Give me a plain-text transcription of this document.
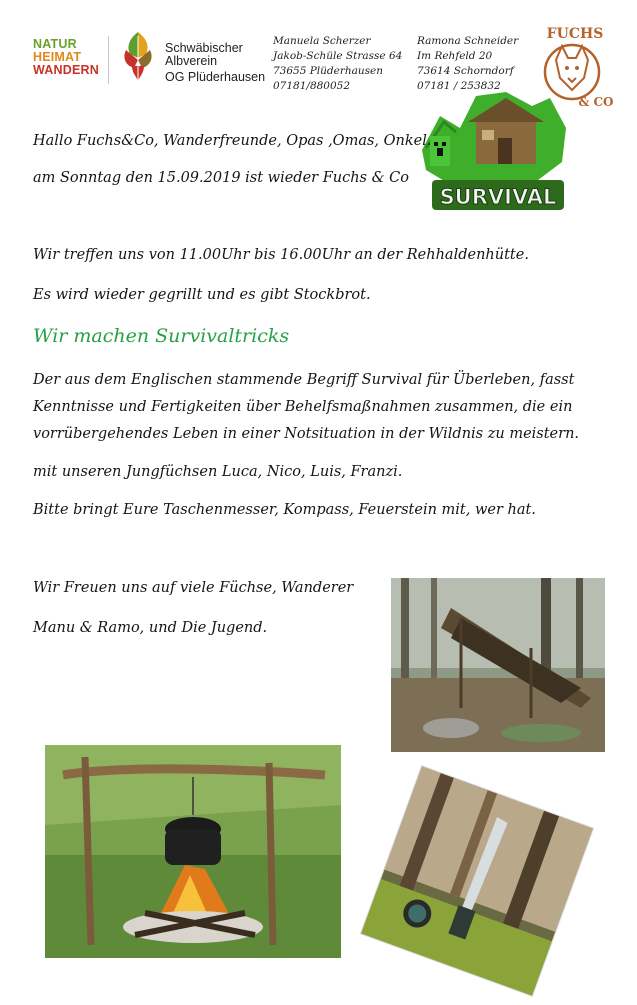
NATUR
HEIMAT
WANDERN
Schwäbischer
Albverein
OG Plüderhausen
Manuela Scherzer
Jakob-Schüle Strasse 64
73655 Plüderhausen
07181/880052
Ramona Schneider
Im Rehfeld 20
73614 Schorndorf
07181 / 253832
FUCHS
& CO
SURVIVAL
Hallo Fuchs&Co, Wanderfreunde, Opas ,Omas, Onkel.
am Sonntag den 15.09.2019 ist wieder Fuchs & Co
Wir treffen uns von 11.00Uhr bis 16.00Uhr an der Rehhaldenhütte.
Es wird wieder gegrillt und es gibt Stockbrot.
Wir machen Survivaltricks
Der aus dem Englischen stammende Begriff Survival für Überleben, fasst
Kenntnisse und Fertigkeiten über Behelfsmaßnahmen zusammen, die ein
vorrübergehendes Leben in einer Notsituation in der Wildnis zu meistern.
mit unseren Jungfüchsen Luca, Nico, Luis, Franzi.
Bitte bringt Eure Taschenmesser, Kompass, Feuerstein mit, wer hat.
Wir Freuen uns auf viele Füchse, Wanderer
Manu & Ramo, und Die Jugend.
